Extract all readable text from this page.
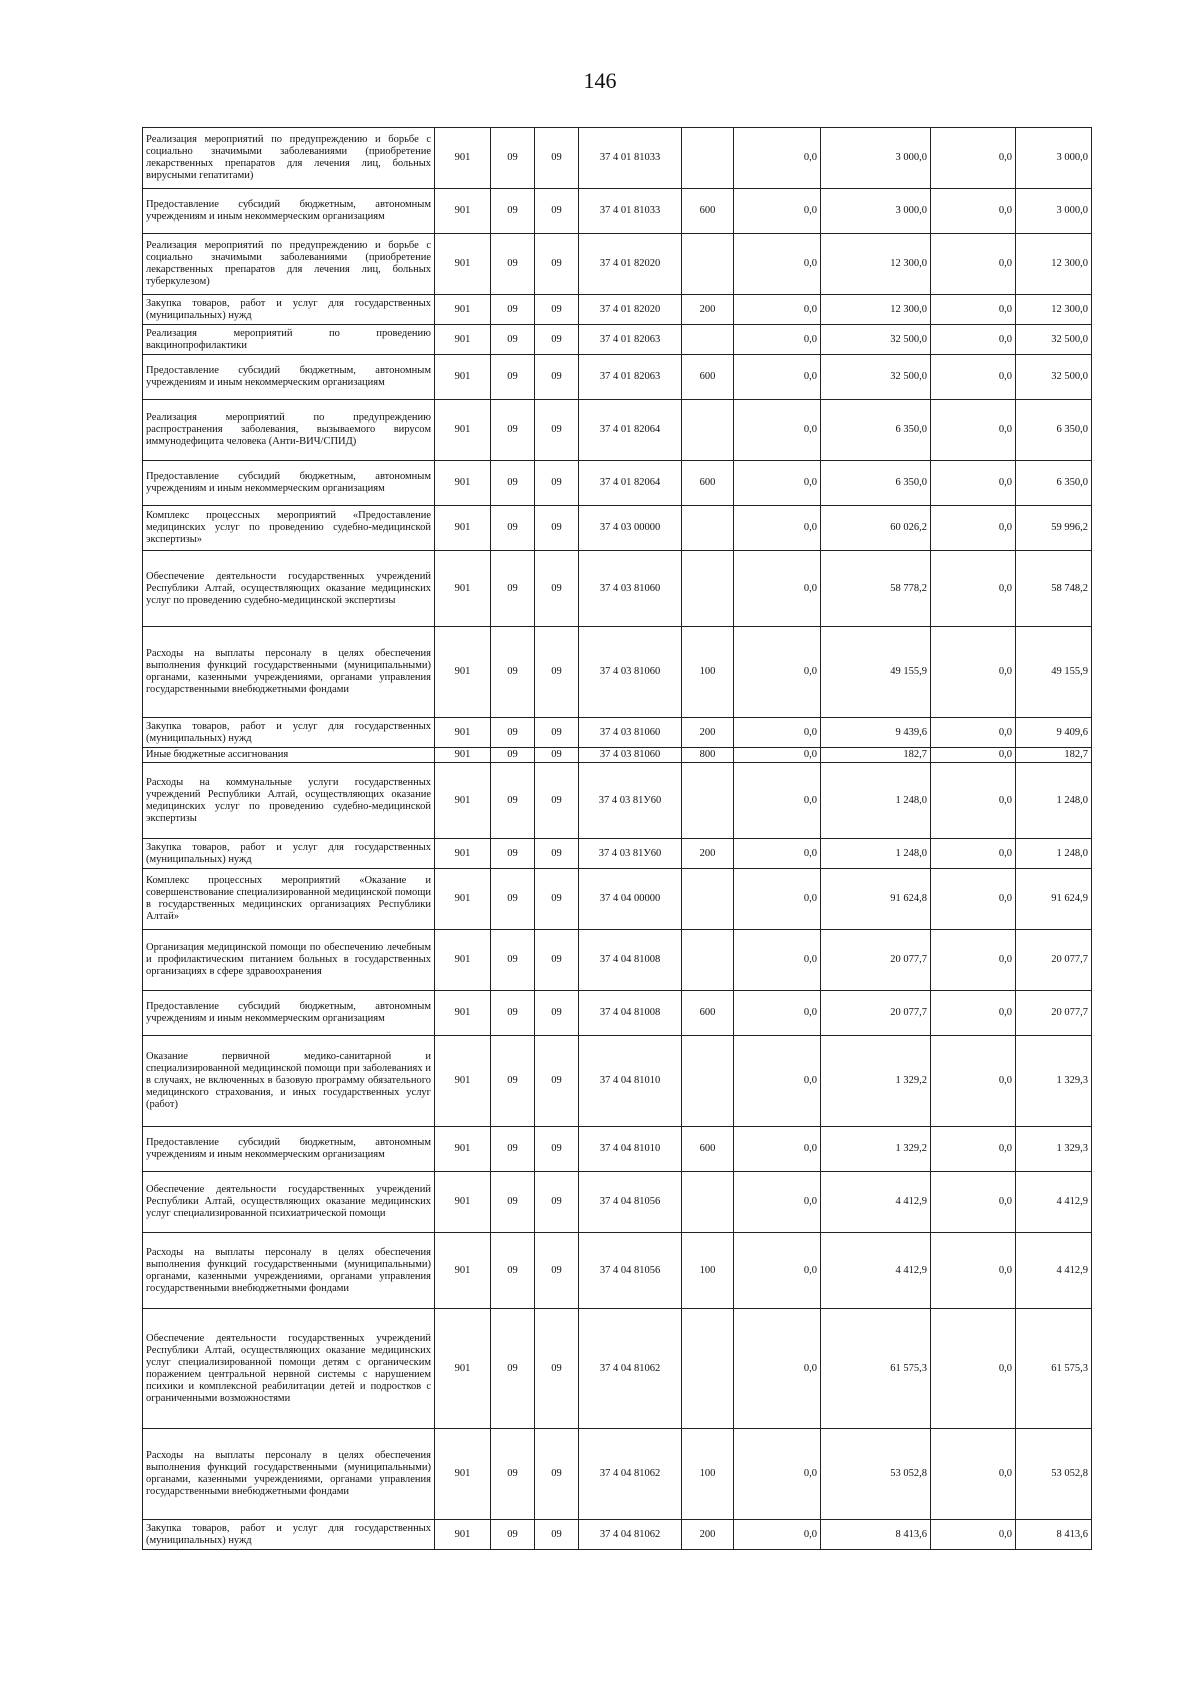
146
Реализация мероприятий по предупреждению и борьбе с социально значимыми заболеваниями (приобретение лекарственных препаратов для лечения лиц, больных вирусными гепатитами)	901	09	09	37 4 01 81033		0,0	3 000,0	0,0	3 000,0
Предоставление субсидий бюджетным, автономным учреждениям и иным некоммерческим организациям	901	09	09	37 4 01 81033	600	0,0	3 000,0	0,0	3 000,0
Реализация мероприятий по предупреждению и борьбе с социально значимыми заболеваниями (приобретение лекарственных препаратов для лечения лиц, больных туберкулезом)	901	09	09	37 4 01 82020		0,0	12 300,0	0,0	12 300,0
Закупка товаров, работ и услуг для государственных (муниципальных) нужд	901	09	09	37 4 01 82020	200	0,0	12 300,0	0,0	12 300,0
Реализация мероприятий по проведению вакцинопрофилактики	901	09	09	37 4 01 82063		0,0	32 500,0	0,0	32 500,0
Предоставление субсидий бюджетным, автономным учреждениям и иным некоммерческим организациям	901	09	09	37 4 01 82063	600	0,0	32 500,0	0,0	32 500,0
Реализация мероприятий по предупреждению распространения заболевания, вызываемого вирусом иммунодефицита человека (Анти-ВИЧ/СПИД)	901	09	09	37 4 01 82064		0,0	6 350,0	0,0	6 350,0
Предоставление субсидий бюджетным, автономным учреждениям и иным некоммерческим организациям	901	09	09	37 4 01 82064	600	0,0	6 350,0	0,0	6 350,0
Комплекс процессных мероприятий «Предоставление медицинских услуг по проведению судебно-медицинской экспертизы»	901	09	09	37 4 03 00000		0,0	60 026,2	0,0	59 996,2
Обеспечение деятельности государственных учреждений Республики Алтай, осуществляющих оказание медицинских услуг по проведению судебно-медицинской экспертизы	901	09	09	37 4 03 81060		0,0	58 778,2	0,0	58 748,2
Расходы на выплаты персоналу в целях обеспечения выполнения функций государственными (муниципальными) органами, казенными учреждениями, органами управления государственными внебюджетными фондами	901	09	09	37 4 03 81060	100	0,0	49 155,9	0,0	49 155,9
Закупка товаров, работ и услуг для государственных (муниципальных) нужд	901	09	09	37 4 03 81060	200	0,0	9 439,6	0,0	9 409,6
Иные бюджетные ассигнования	901	09	09	37 4 03 81060	800	0,0	182,7	0,0	182,7
Расходы на коммунальные услуги государственных учреждений Республики Алтай, осуществляющих оказание медицинских услуг по проведению судебно-медицинской экспертизы	901	09	09	37 4 03 81У60		0,0	1 248,0	0,0	1 248,0
Закупка товаров, работ и услуг для государственных (муниципальных) нужд	901	09	09	37 4 03 81У60	200	0,0	1 248,0	0,0	1 248,0
Комплекс процессных мероприятий «Оказание и совершенствование специализированной медицинской помощи в государственных медицинских организациях Республики Алтай»	901	09	09	37 4 04 00000		0,0	91 624,8	0,0	91 624,9
Организация медицинской помощи по обеспечению лечебным и профилактическим питанием больных в государственных организациях в сфере здравоохранения	901	09	09	37 4 04 81008		0,0	20 077,7	0,0	20 077,7
Предоставление субсидий бюджетным, автономным учреждениям и иным некоммерческим организациям	901	09	09	37 4 04 81008	600	0,0	20 077,7	0,0	20 077,7
Оказание первичной медико-санитарной и специализированной медицинской помощи при заболеваниях и в случаях, не включенных в базовую программу обязательного медицинского страхования, и иных государственных услуг (работ)	901	09	09	37 4 04 81010		0,0	1 329,2	0,0	1 329,3
Предоставление субсидий бюджетным, автономным учреждениям и иным некоммерческим организациям	901	09	09	37 4 04 81010	600	0,0	1 329,2	0,0	1 329,3
Обеспечение деятельности государственных учреждений Республики Алтай, осуществляющих оказание медицинских услуг специализированной психиатрической помощи	901	09	09	37 4 04 81056		0,0	4 412,9	0,0	4 412,9
Расходы на выплаты персоналу в целях обеспечения выполнения функций государственными (муниципальными) органами, казенными учреждениями, органами управления государственными внебюджетными фондами	901	09	09	37 4 04 81056	100	0,0	4 412,9	0,0	4 412,9
Обеспечение деятельности государственных учреждений Республики Алтай, осуществляющих оказание медицинских услуг специализированной помощи детям с органическим поражением центральной нервной системы с нарушением психики и комплексной реабилитации детей и подростков с ограниченными возможностями	901	09	09	37 4 04 81062		0,0	61 575,3	0,0	61 575,3
Расходы на выплаты персоналу в целях обеспечения выполнения функций государственными (муниципальными) органами, казенными учреждениями, органами управления государственными внебюджетными фондами	901	09	09	37 4 04 81062	100	0,0	53 052,8	0,0	53 052,8
Закупка товаров, работ и услуг для государственных (муниципальных) нужд	901	09	09	37 4 04 81062	200	0,0	8 413,6	0,0	8 413,6
